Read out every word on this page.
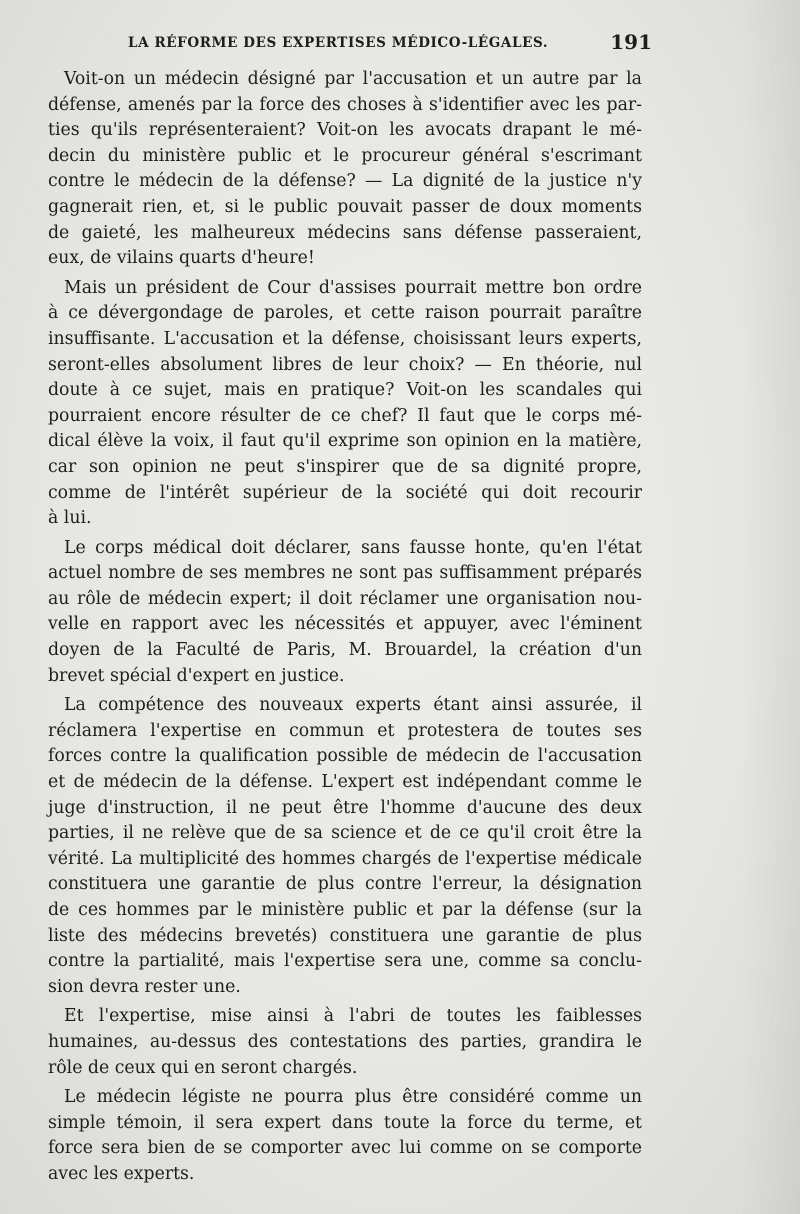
LA RÉFORME DES EXPERTISES MÉDICO-LÉGALES.	191
Voit-on un médecin désigné par l'accusation et un autre par la
défense, amenés par la force des choses à s'identifier avec les par-
ties qu'ils représenteraient? Voit-on les avocats drapant le mé-
decin du ministère public et le procureur général s'escrimant
contre le médecin de la défense? — La dignité de la justice n'y
gagnerait rien, et, si le public pouvait passer de doux moments
de gaieté, les malheureux médecins sans défense passeraient,
eux, de vilains quarts d'heure!
Mais un président de Cour d'assises pourrait mettre bon ordre
à ce dévergondage de paroles, et cette raison pourrait paraître
insuffisante. L'accusation et la défense, choisissant leurs experts,
seront-elles absolument libres de leur choix? — En théorie, nul
doute à ce sujet, mais en pratique? Voit-on les scandales qui
pourraient encore résulter de ce chef? Il faut que le corps mé-
dical élève la voix, il faut qu'il exprime son opinion en la matière,
car son opinion ne peut s'inspirer que de sa dignité propre,
comme de l'intérêt supérieur de la société qui doit recourir
à lui.
Le corps médical doit déclarer, sans fausse honte, qu'en l'état
actuel nombre de ses membres ne sont pas suffisamment préparés
au rôle de médecin expert; il doit réclamer une organisation nou-
velle en rapport avec les nécessités et appuyer, avec l'éminent
doyen de la Faculté de Paris, M. Brouardel, la création d'un
brevet spécial d'expert en justice.
La compétence des nouveaux experts étant ainsi assurée, il
réclamera l'expertise en commun et protestera de toutes ses
forces contre la qualification possible de médecin de l'accusation
et de médecin de la défense. L'expert est indépendant comme le
juge d'instruction, il ne peut être l'homme d'aucune des deux
parties, il ne relève que de sa science et de ce qu'il croit être la
vérité. La multiplicité des hommes chargés de l'expertise médicale
constituera une garantie de plus contre l'erreur, la désignation
de ces hommes par le ministère public et par la défense (sur la
liste des médecins brevetés) constituera une garantie de plus
contre la partialité, mais l'expertise sera une, comme sa conclu-
sion devra rester une.
Et l'expertise, mise ainsi à l'abri de toutes les faiblesses
humaines, au-dessus des contestations des parties, grandira le
rôle de ceux qui en seront chargés.
Le médecin légiste ne pourra plus être considéré comme un
simple témoin, il sera expert dans toute la force du terme, et
force sera bien de se comporter avec lui comme on se comporte
avec les experts.
